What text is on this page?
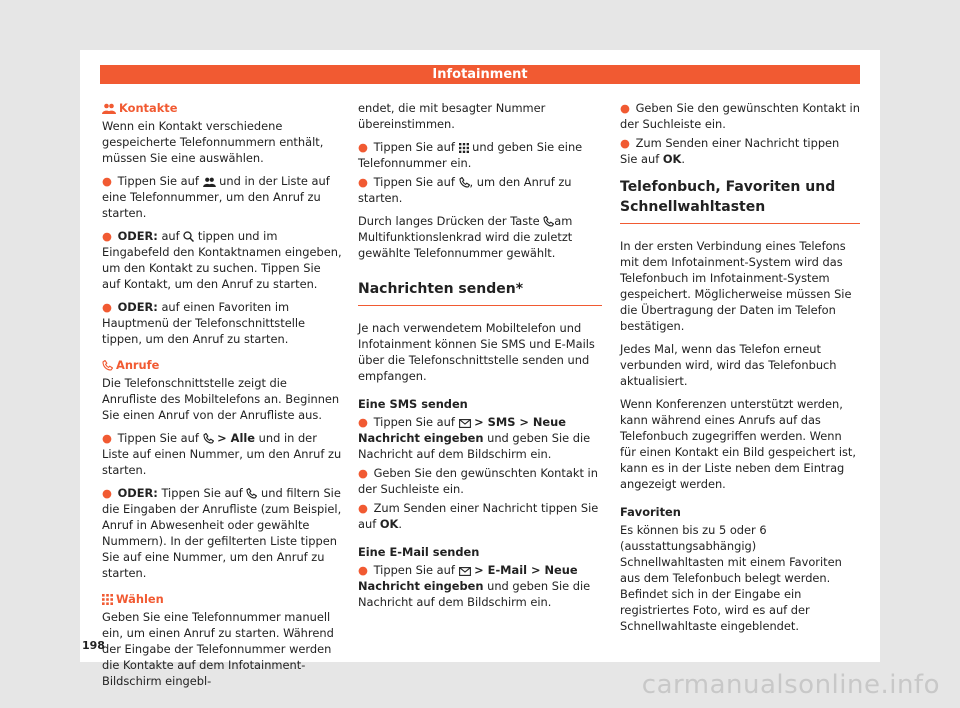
Infotainment
Kontakte

Wenn ein Kontakt verschiedene gespeicherte Telefonnummern enthält, müssen Sie eine auswählen.

● Tippen Sie auf und in der Liste auf eine Telefonnummer, um den Anruf zu starten.

● ODER: auf tippen und im Eingabefeld den Kontaktnamen eingeben, um den Kontakt zu suchen. Tippen Sie auf Kontakt, um den Anruf zu starten.

● ODER: auf einen Favoriten im Hauptmenü der Telefonschnittstelle tippen, um den Anruf zu starten.

Anrufe

Die Telefonschnittstelle zeigt die Anrufliste des Mobiltelefons an. Beginnen Sie einen Anruf von der Anrufliste aus.

● Tippen Sie auf > Alle und in der Liste auf einen Nummer, um den Anruf zu starten.

● ODER: Tippen Sie auf und filtern Sie die Eingaben der Anrufliste (zum Beispiel, Anruf in Abwesenheit oder gewählte Nummern). In der gefilterten Liste tippen Sie auf eine Nummer, um den Anruf zu starten.

Wählen

Geben Sie eine Telefonnummer manuell ein, um einen Anruf zu starten. Während der Eingabe der Telefonnummer werden die Kontakte auf dem Infotainment-Bildschirm eingebl-

endet, die mit besagter Nummer übereinstimmen.

● Tippen Sie auf und geben Sie eine Telefonnummer ein.

● Tippen Sie auf , um den Anruf zu starten.

Durch langes Drücken der Taste am Multifunktionslenkrad wird die zuletzt gewählte Telefonnummer gewählt.

Nachrichten senden*

Je nach verwendetem Mobiltelefon und Infotainment können Sie SMS und E-Mails über die Telefonschnittstelle senden und empfangen.

Eine SMS senden

● Tippen Sie auf > SMS > Neue Nachricht eingeben und geben Sie die Nachricht auf dem Bildschirm ein.

● Geben Sie den gewünschten Kontakt in der Suchleiste ein.

● Zum Senden einer Nachricht tippen Sie auf OK.

Eine E-Mail senden

● Tippen Sie auf > E-Mail > Neue Nachricht eingeben und geben Sie die Nachricht auf dem Bildschirm ein.

● Geben Sie den gewünschten Kontakt in der Suchleiste ein.

● Zum Senden einer Nachricht tippen Sie auf OK.

Telefonbuch, Favoriten und Schnellwahltasten

In der ersten Verbindung eines Telefons mit dem Infotainment-System wird das Telefonbuch im Infotainment-System gespeichert. Möglicherweise müssen Sie die Übertragung der Daten im Telefon bestätigen.

Jedes Mal, wenn das Telefon erneut verbunden wird, wird das Telefonbuch aktualisiert.

Wenn Konferenzen unterstützt werden, kann während eines Anrufs auf das Telefonbuch zugegriffen werden. Wenn für einen Kontakt ein Bild gespeichert ist, kann es in der Liste neben dem Eintrag angezeigt werden.

Favoriten

Es können bis zu 5 oder 6 (ausstattungsabhängig) Schnellwahltasten mit einem Favoriten aus dem Telefonbuch belegt werden. Befindet sich in der Eingabe ein registriertes Foto, wird es auf der Schnellwahltaste eingeblendet.

198
carmanualsonline.info
